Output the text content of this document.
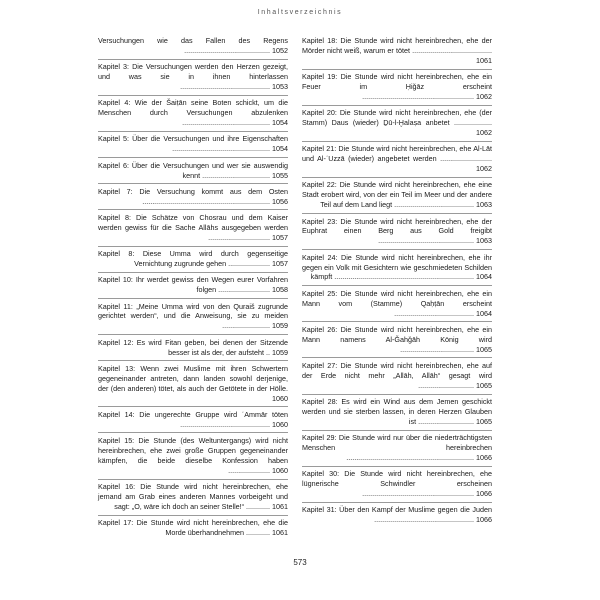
Inhaltsverzeichnis

Versuchungen wie das Fallen des Regens ........................................... 1052

Kapitel 3: Die Versuchungen werden den Herzen gezeigt, und was sie in ihnen hinterlassen ............................................. 1053

Kapitel 4: Wie der Šaiṭān seine Boten schickt, um die Menschen durch Versuchungen abzulenken ............................................ 1054

Kapitel 5: Über die Versuchungen und ihre Eigenschaften ................................................. 1054

Kapitel 6: Über die Versuchungen und wer sie auswendig kennt .................................. 1055

Kapitel 7: Die Versuchung kommt aus dem Osten ................................................................ 1056

Kapitel 8: Die Schätze von Chosrau und dem Kaiser werden gewiss für die Sache Allāhs ausgegeben werden ............................... 1057

Kapitel 8: Diese Umma wird durch gegenseitige Vernichtung zugrunde gehen ..................... 1057

Kapitel 10: Ihr werdet gewiss den Wegen eurer Vorfahren folgen .......................... 1058

Kapitel 11: „Meine Umma wird von den Quraiš zugrunde gerichtet werden“, und die Anweisung, sie zu meiden ........................ 1059

Kapitel 12: Es wird Fitan geben, bei denen der Sitzende besser ist als der, der aufsteht .. 1059

Kapitel 13: Wenn zwei Muslime mit ihren Schwertern gegeneinander antreten, dann landen sowohl derjenige, der (den anderen) tötet, als auch der Getötete in der Hölle. 1060

Kapitel 14: Die ungerechte Gruppe wird ʿAmmār töten ............................................. 1060

Kapitel 15: Die Stunde (des Weltuntergangs) wird nicht hereinbrechen, ehe zwei große Gruppen gegeneinander kämpfen, die beide dieselbe Konfession haben ..................... 1060

Kapitel 16: Die Stunde wird nicht hereinbrechen, ehe jemand am Grab eines anderen Mannes vorbeigeht und sagt: „O, wäre ich doch an seiner Stelle!“ ............ 1061

Kapitel 17: Die Stunde wird nicht hereinbrechen, ehe die Morde überhandnehmen ............ 1061

Kapitel 18: Die Stunde wird nicht hereinbrechen, ehe der Mörder nicht weiß, warum er tötet ........................................ 1061

Kapitel 19: Die Stunde wird nicht hereinbrechen, ehe ein Feuer im Ḥiǧāz erscheint ........................................................ 1062

Kapitel 20: Die Stunde wird nicht hereinbrechen, ehe (der Stamm) Daus (wieder) Ḏū-l-Ḫalaṣa anbetet ................... 1062

Kapitel 21: Die Stunde wird nicht hereinbrechen, ehe Al-Lāt und Al-ʿUzzā (wieder) angebetet werden .......................... 1062

Kapitel 22: Die Stunde wird nicht hereinbrechen, ehe eine Stadt erobert wird, von der ein Teil im Meer und der andere Teil auf dem Land liegt ........................................ 1063

Kapitel 23: Die Stunde wird nicht hereinbrechen, ehe der Euphrat einen Berg aus Gold freigibt ................................................ 1063

Kapitel 24: Die Stunde wird nicht hereinbrechen, ehe ihr gegen ein Volk mit Gesichtern wie geschmiedeten Schilden kämpft ...................................................................... 1064

Kapitel 25: Die Stunde wird nicht hereinbrechen, ehe ein Mann vom (Stamme) Qaḥṭān erscheint ........................................ 1064

Kapitel 26: Die Stunde wird nicht hereinbrechen, ehe ein Mann namens Al-Ǧahǧāh König wird ..................................... 1065

Kapitel 27: Die Stunde wird nicht hereinbrechen, ehe auf der Erde nicht mehr „Allāh, Allāh“ gesagt wird ............................ 1065

Kapitel 28: Es wird ein Wind aus dem Jemen geschickt werden und sie sterben lassen, in deren Herzen Glauben ist ............................ 1065

Kapitel 29: Die Stunde wird nur über die niederträchtigsten Menschen hereinbrechen ................................................................ 1066

Kapitel 30: Die Stunde wird nicht hereinbrechen, ehe lügnerische Schwindler erscheinen ........................................................ 1066

Kapitel 31: Über den Kampf der Muslime gegen die Juden .................................................. 1066

573
